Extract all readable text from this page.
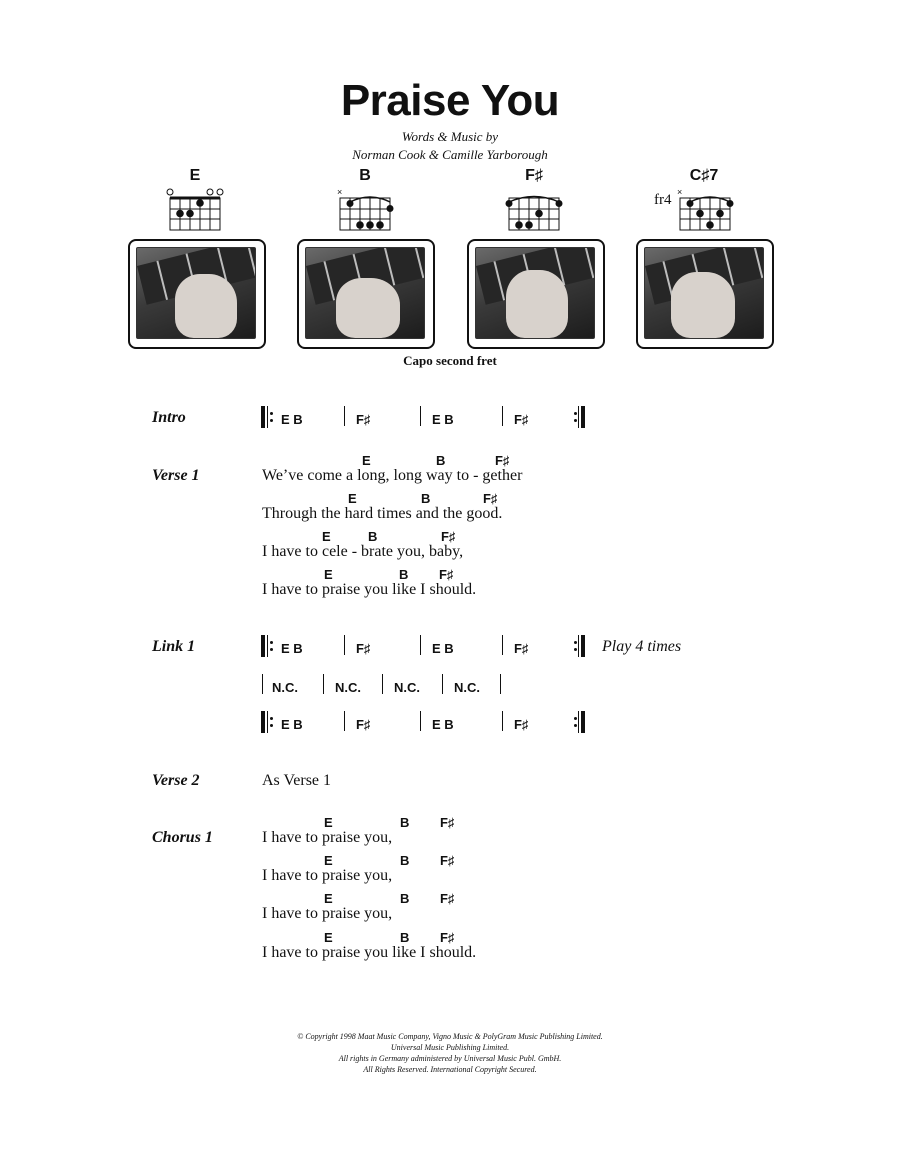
Praise You
Words & Music by
Norman Cook & Camille Yarborough
E	B	F♯	C♯7
fr4
×	×
Capo second fret
Intro	E B	F♯	E B	F♯
Verse 1
E	B	F♯
We’ve come a long, long way to - gether
E	B	F♯
Through the hard times and the good.
E	B	F♯
I have to cele - brate you, baby,
E	B F♯
I have to praise you like I should.
Link 1	E B	F♯	E B	F♯	Play 4 times
N.C.	N.C.	N.C.	N.C.
E B	F♯	E B	F♯
Verse 2	As Verse 1
Chorus 1
E	B F♯
I have to praise you,
E	B F♯
I have to praise you,
E	B F♯
I have to praise you,
E	B F♯
I have to praise you like I should.
© Copyright 1998 Maat Music Company, Vigno Music & PolyGram Music Publishing Limited.
Universal Music Publishing Limited.
All rights in Germany administered by Universal Music Publ. GmbH.
All Rights Reserved. International Copyright Secured.
